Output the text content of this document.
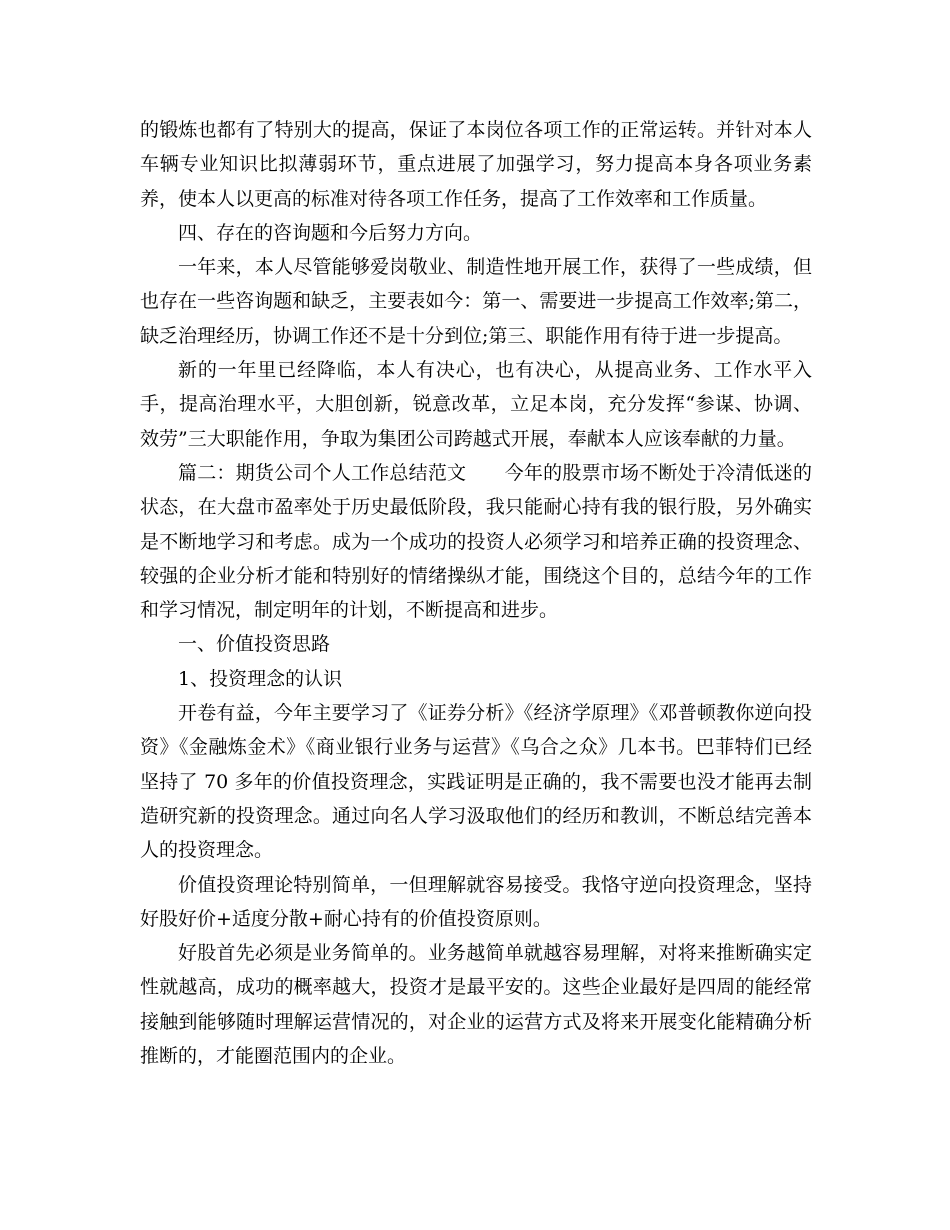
的锻炼也都有了特别大的提高，保证了本岗位各项工作的正常运转。并针对本人车辆专业知识比拟薄弱环节，重点进展了加强学习，努力提高本身各项业务素养，使本人以更高的标准对待各项工作任务，提高了工作效率和工作质量。

四、存在的咨询题和今后努力方向。

一年来，本人尽管能够爱岗敬业、制造性地开展工作，获得了一些成绩，但也存在一些咨询题和缺乏，主要表如今：第一、需要进一步提高工作效率;第二，缺乏治理经历，协调工作还不是十分到位;第三、职能作用有待于进一步提高。

新的一年里已经降临，本人有决心，也有决心，从提高业务、工作水平入手，提高治理水平，大胆创新，锐意改革，立足本岗，充分发挥“参谋、协调、效劳”三大职能作用，争取为集团公司跨越式开展，奉献本人应该奉献的力量。

篇二：期货公司个人工作总结范文　　今年的股票市场不断处于冷清低迷的状态，在大盘市盈率处于历史最低阶段，我只能耐心持有我的银行股，另外确实是不断地学习和考虑。成为一个成功的投资人必须学习和培养正确的投资理念、较强的企业分析才能和特别好的情绪操纵才能，围绕这个目的，总结今年的工作和学习情况，制定明年的计划，不断提高和进步。

一、价值投资思路

1、投资理念的认识

开卷有益，今年主要学习了《证券分析》《经济学原理》《邓普顿教你逆向投资》《金融炼金术》《商业银行业务与运营》《乌合之众》几本书。巴菲特们已经坚持了 70 多年的价值投资理念，实践证明是正确的，我不需要也没才能再去制造研究新的投资理念。通过向名人学习汲取他们的经历和教训，不断总结完善本人的投资理念。

价值投资理论特别简单，一但理解就容易接受。我恪守逆向投资理念，坚持好股好价+适度分散+耐心持有的价值投资原则。

好股首先必须是业务简单的。业务越简单就越容易理解，对将来推断确实定性就越高，成功的概率越大，投资才是最平安的。这些企业最好是四周的能经常接触到能够随时理解运营情况的，对企业的运营方式及将来开展变化能精确分析推断的，才能圈范围内的企业。
